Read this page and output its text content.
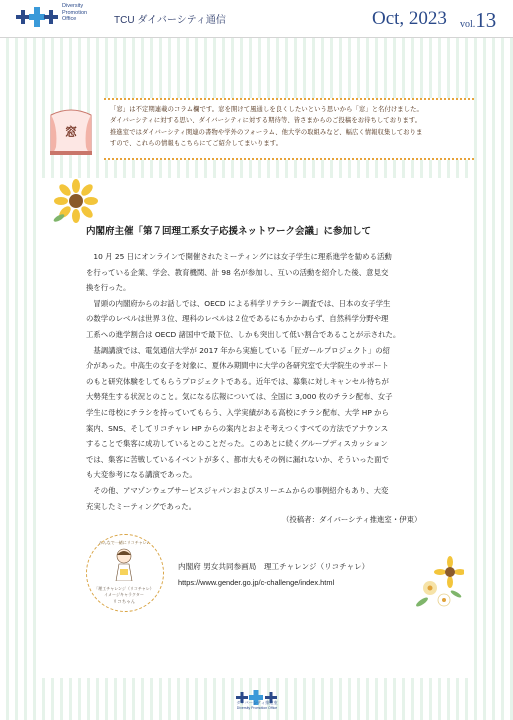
Diversity
Promotion
Office	TCU ダイバーシティ通信	Oct, 2023 vol.13
窓
「窓」は不定期連載のコラム欄です。窓を開けて風通しを良くしたいという思いから「窓」と名付けました。
ダイバーシティに対する思い、ダイバーシティに対する期待等、皆さまからのご投稿をお待ちしております。
推進室ではダイバーシティ関連の書物や学外のフォーラム、他大学の取組みなど、幅広く情報収集しておりま
すので、これらの情報もこちらにてご紹介してまいります。
内閣府主催「第７回理工系女子応援ネットワーク会議」に参加して

10 月 25 日にオンラインで開催されたミーティングには女子学生に理系進学を勧める活動
を行っている企業、学会、教育機関、計 98 名が参加し、互いの活動を紹介した後、意見交
換を行った。

冒頭の内閣府からのお話しでは、OECD による科学リテラシー調査では、日本の女子学生
の数学のレベルは世界３位、理科のレベルは２位であるにもかかわらず、自然科学分野や理
工系への進学割合は OECD 諸国中で最下位、しかも突出して低い割合であることが示された。

基調講演では、電気通信大学が 2017 年から実施している「匠ガールプロジェクト」の紹
介があった。中高生の女子を対象に、夏休み期間中に大学の各研究室で大学院生のサポート
のもと研究体験をしてもらうプロジェクトである。近年では、募集に対しキャンセル待ちが
大勢発生する状況とのこと。気になる広報については、全国に 3,000 枚のチラシ配布、女子
学生に母校にチラシを持っていてもらう、入学実績がある高校にチラシ配布、大学 HP から
案内、SNS、そしてリコチャレ HP からの案内とおよそ考えつくすべての方法でアナウンス
することで集客に成功しているとのことだった。このあとに続くグループディスカッション
では、集客に苦戦しているイベントが多く、都市大もその例に漏れないか、そういった面で
も大変参考になる講演であった。

その他、アマゾンウェブサービスジャパンおよびスリーエムからの事例紹介もあり、大変
充実したミーティングであった。

（投稿者：ダイバーシティ推進室・伊東）
みんなで一緒にリコチャレ♪
「理工チャレンジ（リコチャレ）
イメージキャラクター
リコちゃん
内閣府 男女共同参画局　理工チャレンジ（リコチャレ）
https://www.gender.go.jp/c-challenge/index.html
ダイバーシティ推進室
Diversity Promotion Office
